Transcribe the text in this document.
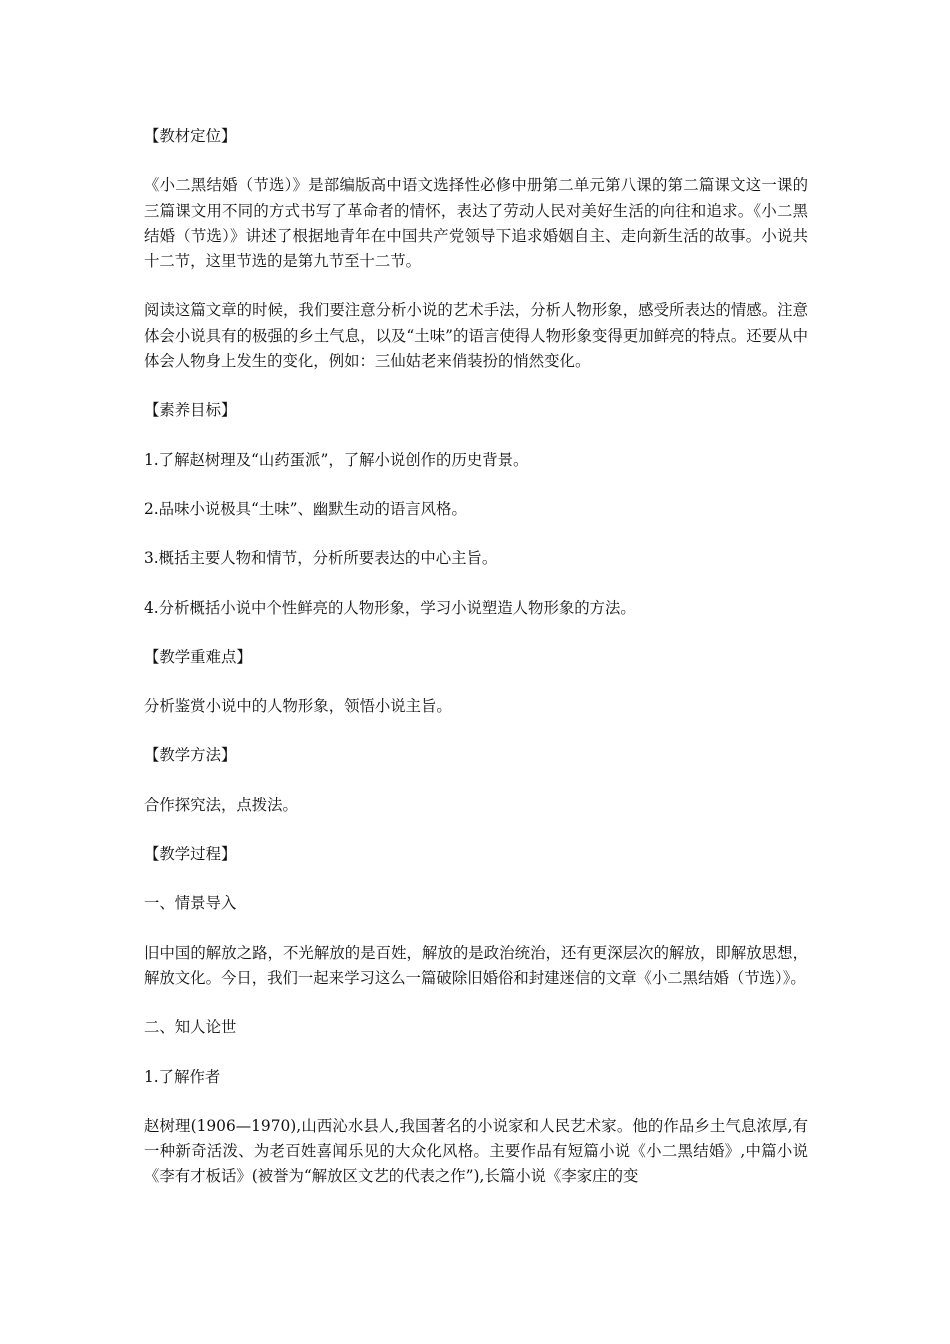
【教材定位】

《小二黑结婚（节选）》是部编版高中语文选择性必修中册第二单元第八课的第二篇课文这一课的三篇课文用不同的方式书写了革命者的情怀，表达了劳动人民对美好生活的向往和追求。《小二黑结婚（节选）》讲述了根据地青年在中国共产党领导下追求婚姻自主、走向新生活的故事。小说共十二节，这里节选的是第九节至十二节。

阅读这篇文章的时候，我们要注意分析小说的艺术手法，分析人物形象，感受所表达的情感。注意体会小说具有的极强的乡土气息，以及“土味”的语言使得人物形象变得更加鲜亮的特点。还要从中体会人物身上发生的变化，例如：三仙姑老来俏装扮的悄然变化。

【素养目标】

1.了解赵树理及“山药蛋派”，了解小说创作的历史背景。

2.品味小说极具“土味”、幽默生动的语言风格。

3.概括主要人物和情节，分析所要表达的中心主旨。

4.分析概括小说中个性鲜亮的人物形象，学习小说塑造人物形象的方法。

【教学重难点】

分析鉴赏小说中的人物形象，领悟小说主旨。

【教学方法】

合作探究法，点拨法。

【教学过程】

一、情景导入

旧中国的解放之路，不光解放的是百姓，解放的是政治统治，还有更深层次的解放，即解放思想，解放文化。今日，我们一起来学习这么一篇破除旧婚俗和封建迷信的文章《小二黑结婚（节选）》。

二、知人论世

1.了解作者

赵树理(1906—1970),山西沁水县人,我国著名的小说家和人民艺术家。他的作品乡土气息浓厚,有一种新奇活泼、为老百姓喜闻乐见的大众化风格。主要作品有短篇小说《小二黑结婚》,中篇小说《李有才板话》(被誉为“解放区文艺的代表之作”),长篇小说《李家庄的变
